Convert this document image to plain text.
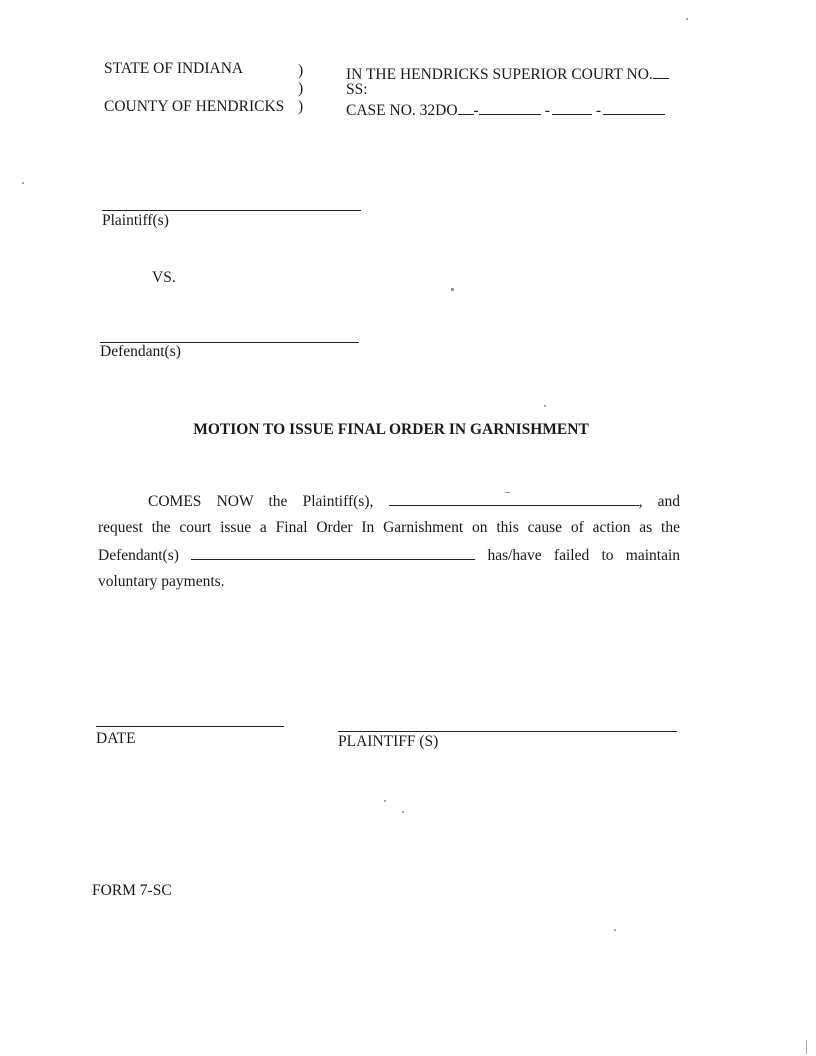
STATE OF INDIANA
COUNTY OF HENDRICKS
)
)
)
IN THE HENDRICKS SUPERIOR COURT NO.
SS:
CASE NO. 32DO -	-	-
Plaintiff(s)
VS.
Defendant(s)
MOTION TO ISSUE FINAL ORDER IN GARNISHMENT
COMES NOW the Plaintiff(s),	, and
request the court issue a Final Order In Garnishment on this cause of action as the
Defendant(s)	has/have failed to maintain
voluntary payments.
DATE	PLAINTIFF (S)
FORM 7-SC
